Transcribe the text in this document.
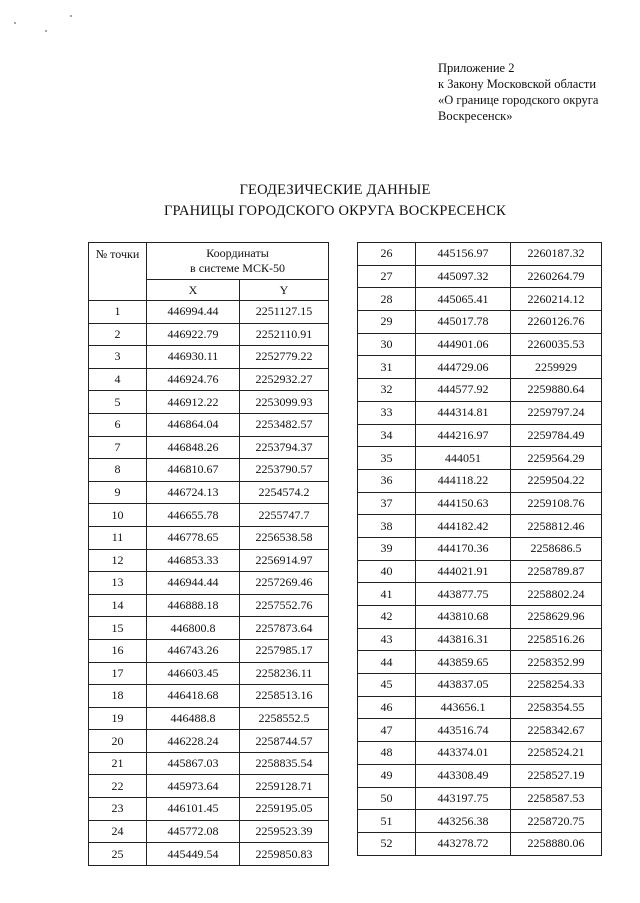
Приложение 2
к Закону Московской области
«О границе городского округа
Воскресенск»
ГЕОДЕЗИЧЕСКИЕ ДАННЫЕ
ГРАНИЦЫ ГОРОДСКОГО ОКРУГА ВОСКРЕСЕНСК
№ точки	Координаты
в системе МСК-50	

	X	Y
1	446994.44	2251127.15
2	446922.79	2252110.91
3	446930.11	2252779.22
4	446924.76	2252932.27
5	446912.22	2253099.93
6	446864.04	2253482.57
7	446848.26	2253794.37
8	446810.67	2253790.57
9	446724.13	2254574.2
10	446655.78	2255747.7
11	446778.65	2256538.58
12	446853.33	2256914.97
13	446944.44	2257269.46
14	446888.18	2257552.76
15	446800.8	2257873.64
16	446743.26	2257985.17
17	446603.45	2258236.11
18	446418.68	2258513.16
19	446488.8	2258552.5
20	446228.24	2258744.57
21	445867.03	2258835.54
22	445973.64	2259128.71
23	446101.45	2259195.05
24	445772.08	2259523.39
25	445449.54	2259850.83
26	445156.97	2260187.32
27	445097.32	2260264.79
28	445065.41	2260214.12
29	445017.78	2260126.76
30	444901.06	2260035.53
31	444729.06	2259929
32	444577.92	2259880.64
33	444314.81	2259797.24
34	444216.97	2259784.49
35	444051	2259564.29
36	444118.22	2259504.22
37	444150.63	2259108.76
38	444182.42	2258812.46
39	444170.36	2258686.5
40	444021.91	2258789.87
41	443877.75	2258802.24
42	443810.68	2258629.96
43	443816.31	2258516.26
44	443859.65	2258352.99
45	443837.05	2258254.33
46	443656.1	2258354.55
47	443516.74	2258342.67
48	443374.01	2258524.21
49	443308.49	2258527.19
50	443197.75	2258587.53
51	443256.38	2258720.75
52	443278.72	2258880.06
